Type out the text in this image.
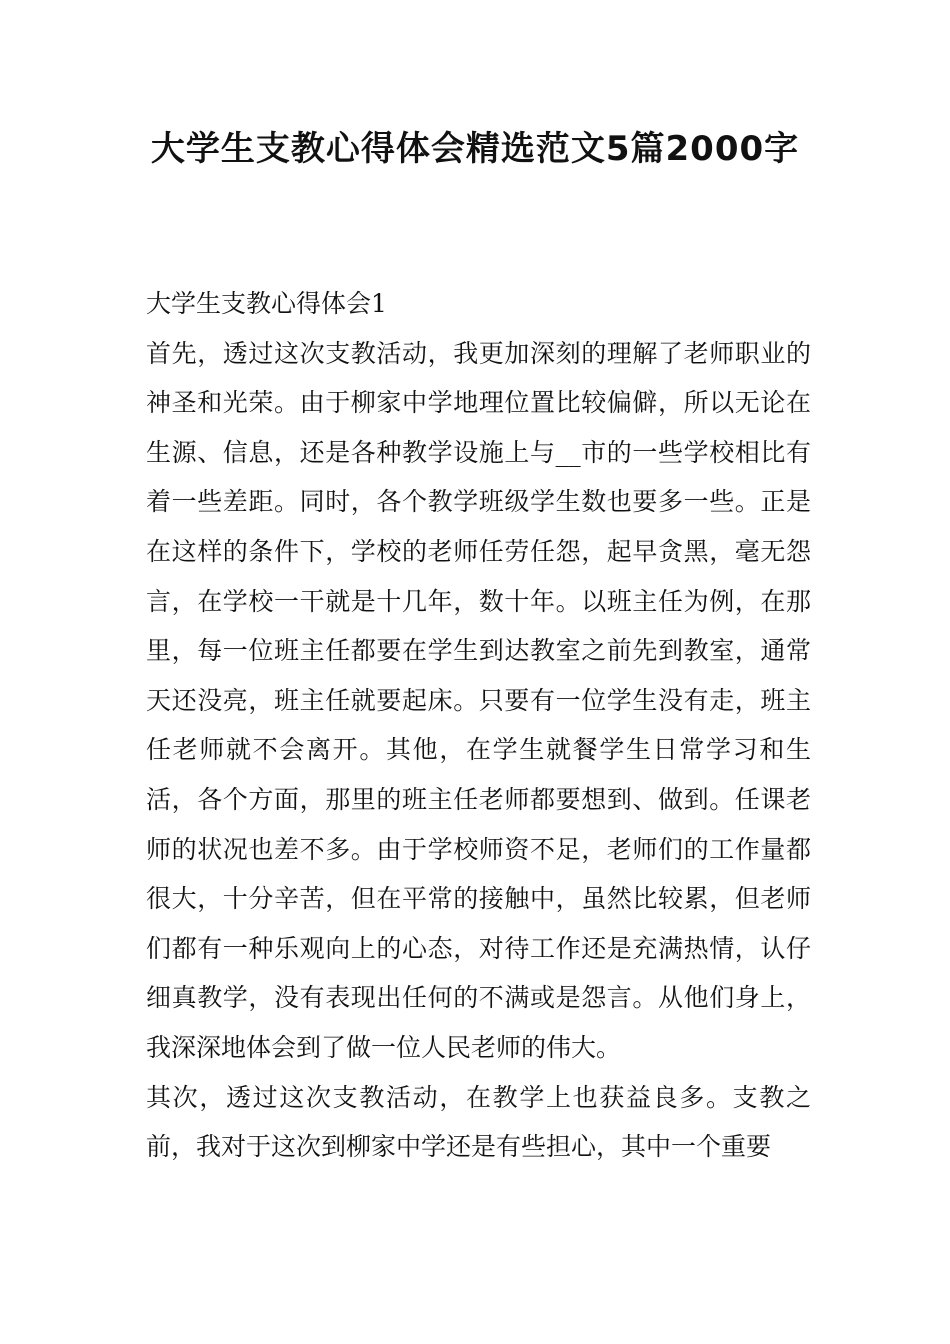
大学生支教心得体会精选范文5篇2000字
大学生支教心得体会1

首先，透过这次支教活动，我更加深刻的理解了老师职业的神圣和光荣。由于柳家中学地理位置比较偏僻，所以无论在生源、信息，还是各种教学设施上与__市的一些学校相比有着一些差距。同时，各个教学班级学生数也要多一些。正是在这样的条件下，学校的老师任劳任怨，起早贪黑，毫无怨言，在学校一干就是十几年，数十年。以班主任为例，在那里，每一位班主任都要在学生到达教室之前先到教室，通常天还没亮，班主任就要起床。只要有一位学生没有走，班主任老师就不会离开。其他，在学生就餐学生日常学习和生活，各个方面，那里的班主任老师都要想到、做到。任课老师的状况也差不多。由于学校师资不足，老师们的工作量都很大，十分辛苦，但在平常的接触中，虽然比较累，但老师们都有一种乐观向上的心态，对待工作还是充满热情，认仔细真教学，没有表现出任何的不满或是怨言。从他们身上，我深深地体会到了做一位人民老师的伟大。

其次，透过这次支教活动，在教学上也获益良多。支教之前，我对于这次到柳家中学还是有些担心，其中一个重要
